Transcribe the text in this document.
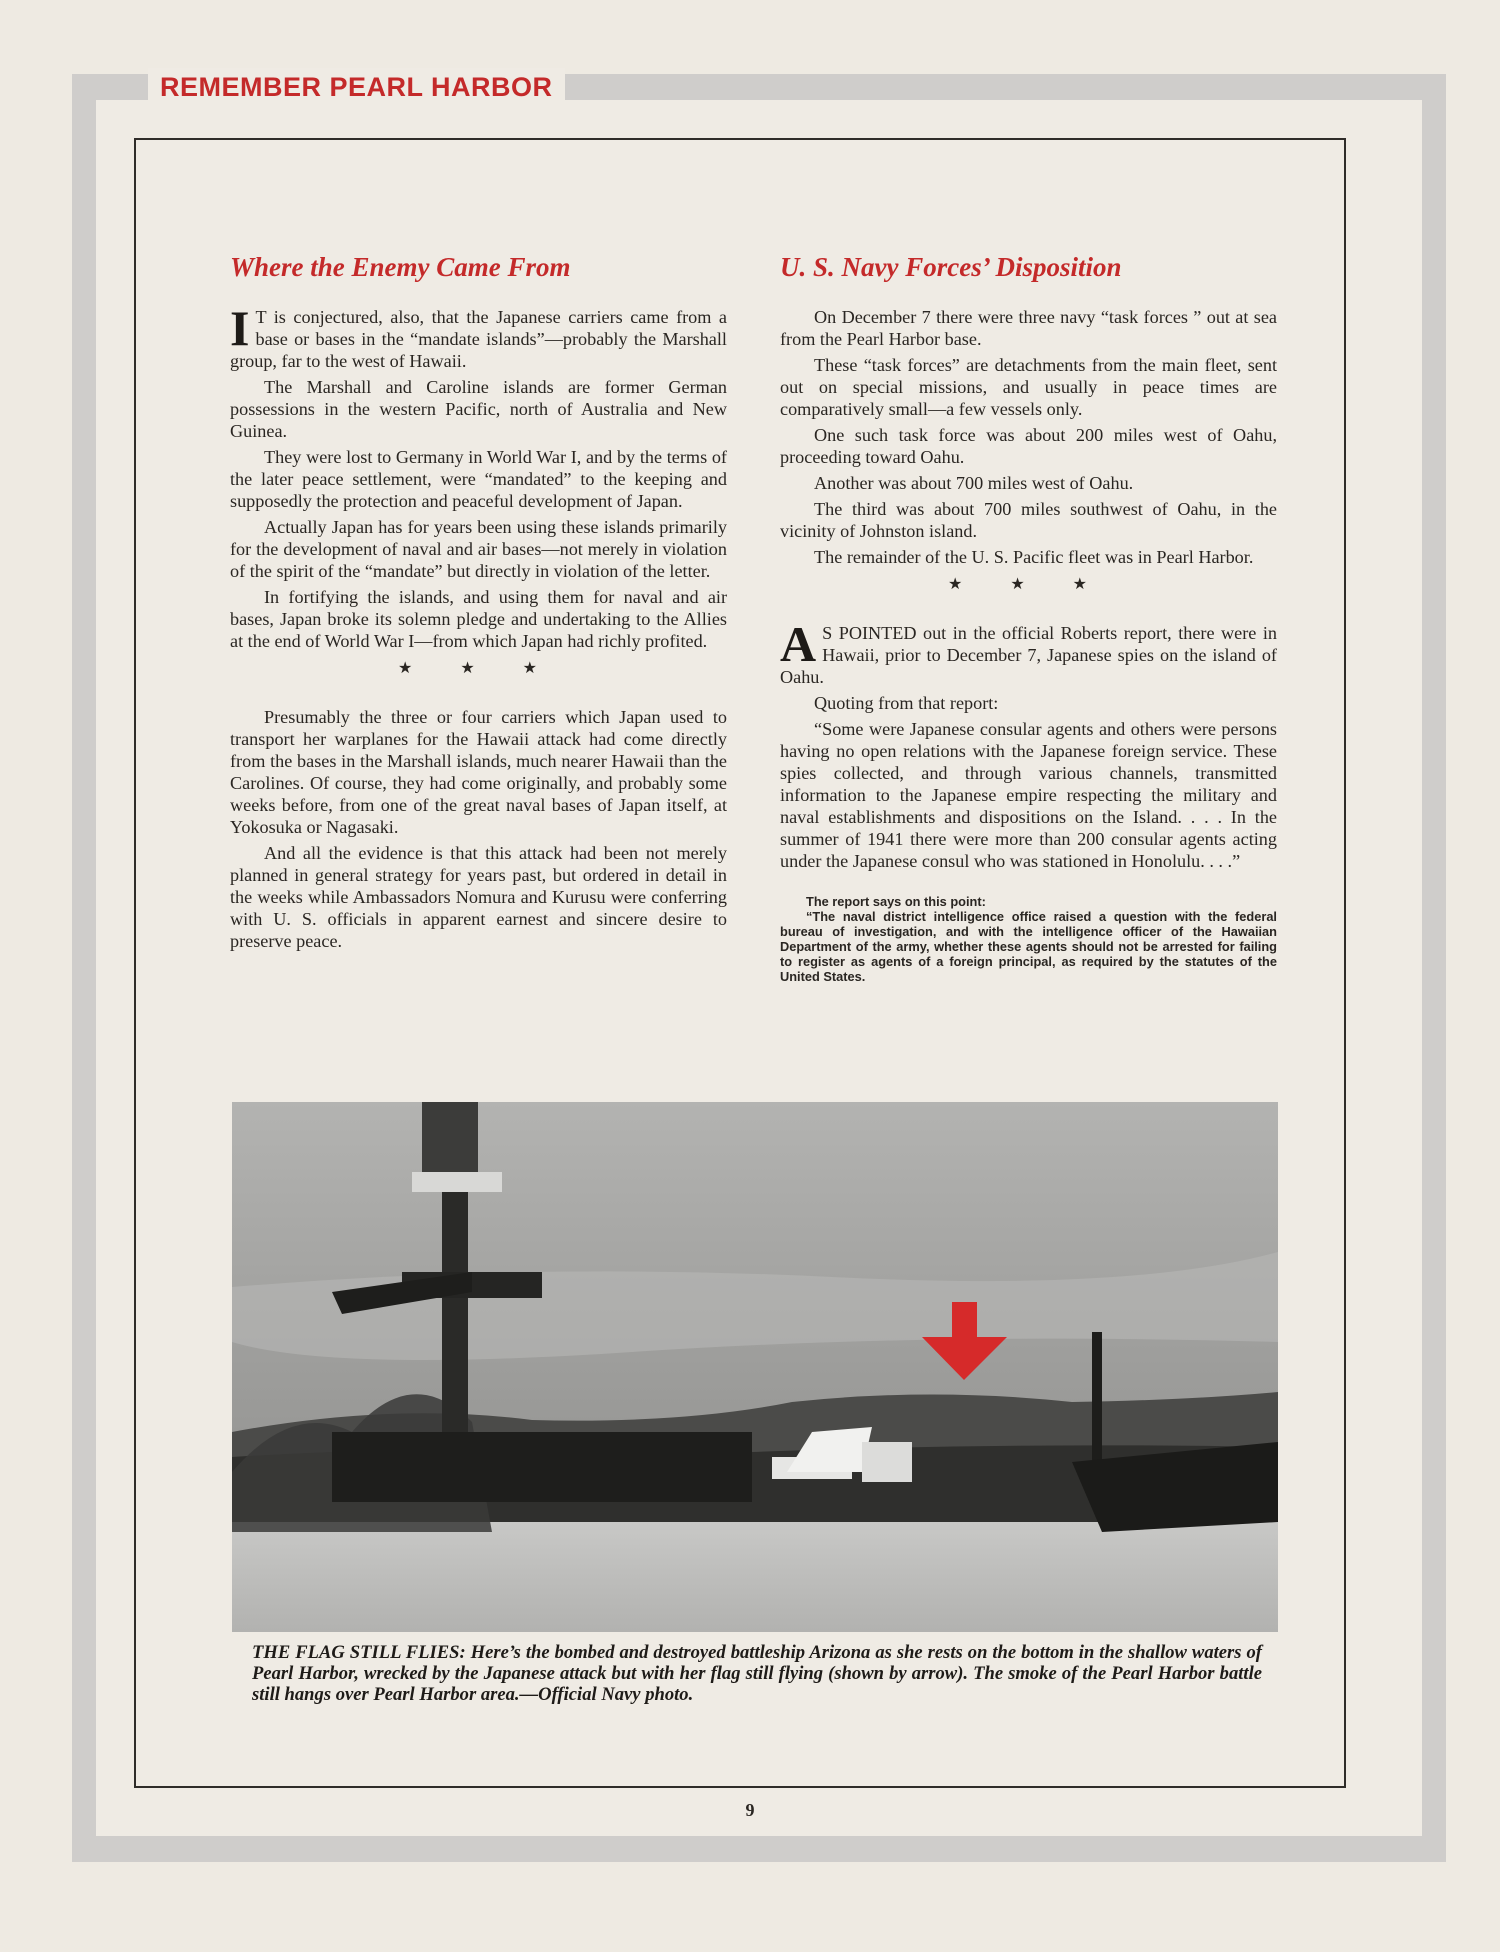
REMEMBER PEARL HARBOR
Where the Enemy Came From

I T is conjectured, also, that the Japanese carriers came from a base or bases in the “mandate islands”—probably the Marshall group, far to the west of Hawaii.

The Marshall and Caroline islands are former German possessions in the western Pacific, north of Australia and New Guinea.

They were lost to Germany in World War I, and by the terms of the later peace settlement, were “mandated” to the keeping and supposedly the protection and peaceful development of Japan.

Actually Japan has for years been using these islands primarily for the development of naval and air bases—not merely in violation of the spirit of the “mandate” but directly in violation of the letter.

In fortifying the islands, and using them for naval and air bases, Japan broke its solemn pledge and undertaking to the Allies at the end of World War I—from which Japan had richly profited.

★ ★ ★

Presumably the three or four carriers which Japan used to transport her warplanes for the Hawaii attack had come directly from the bases in the Marshall islands, much nearer Hawaii than the Carolines. Of course, they had come originally, and probably some weeks before, from one of the great naval bases of Japan itself, at Yokosuka or Nagasaki.

And all the evidence is that this attack had been not merely planned in general strategy for years past, but ordered in detail in the weeks while Ambassadors Nomura and Kurusu were conferring with U. S. officials in apparent earnest and sincere desire to preserve peace.

U. S. Navy Forces’ Disposition

On December 7 there were three navy “task forces ” out at sea from the Pearl Harbor base.

These “task forces” are detachments from the main fleet, sent out on special missions, and usually in peace times are comparatively small—a few vessels only.

One such task force was about 200 miles west of Oahu, proceeding toward Oahu.

Another was about 700 miles west of Oahu.

The third was about 700 miles southwest of Oahu, in the vicinity of Johnston island.

The remainder of the U. S. Pacific fleet was in Pearl Harbor.

★ ★ ★

A S POINTED out in the official Roberts report, there were in Hawaii, prior to December 7, Japanese spies on the island of Oahu.

Quoting from that report:

“Some were Japanese consular agents and others were persons having no open relations with the Japanese foreign service. These spies collected, and through various channels, transmitted information to the Japanese empire respecting the military and naval establishments and dispositions on the Island. . . . In the summer of 1941 there were more than 200 consular agents acting under the Japanese consul who was stationed in Honolulu. . . .”

The report says on this point:

“The naval district intelligence office raised a question with the federal bureau of investigation, and with the intelligence officer of the Hawaiian Department of the army, whether these agents should not be arrested for failing to register as agents of a foreign principal, as required by the statutes of the United States.

THE FLAG STILL FLIES: Here’s the bombed and destroyed battleship Arizona as she rests on the bottom in the shallow waters of Pearl Harbor, wrecked by the Japanese attack but with her flag still flying (shown by arrow). The smoke of the Pearl Harbor battle still hangs over Pearl Harbor area.—Official Navy photo.
9
